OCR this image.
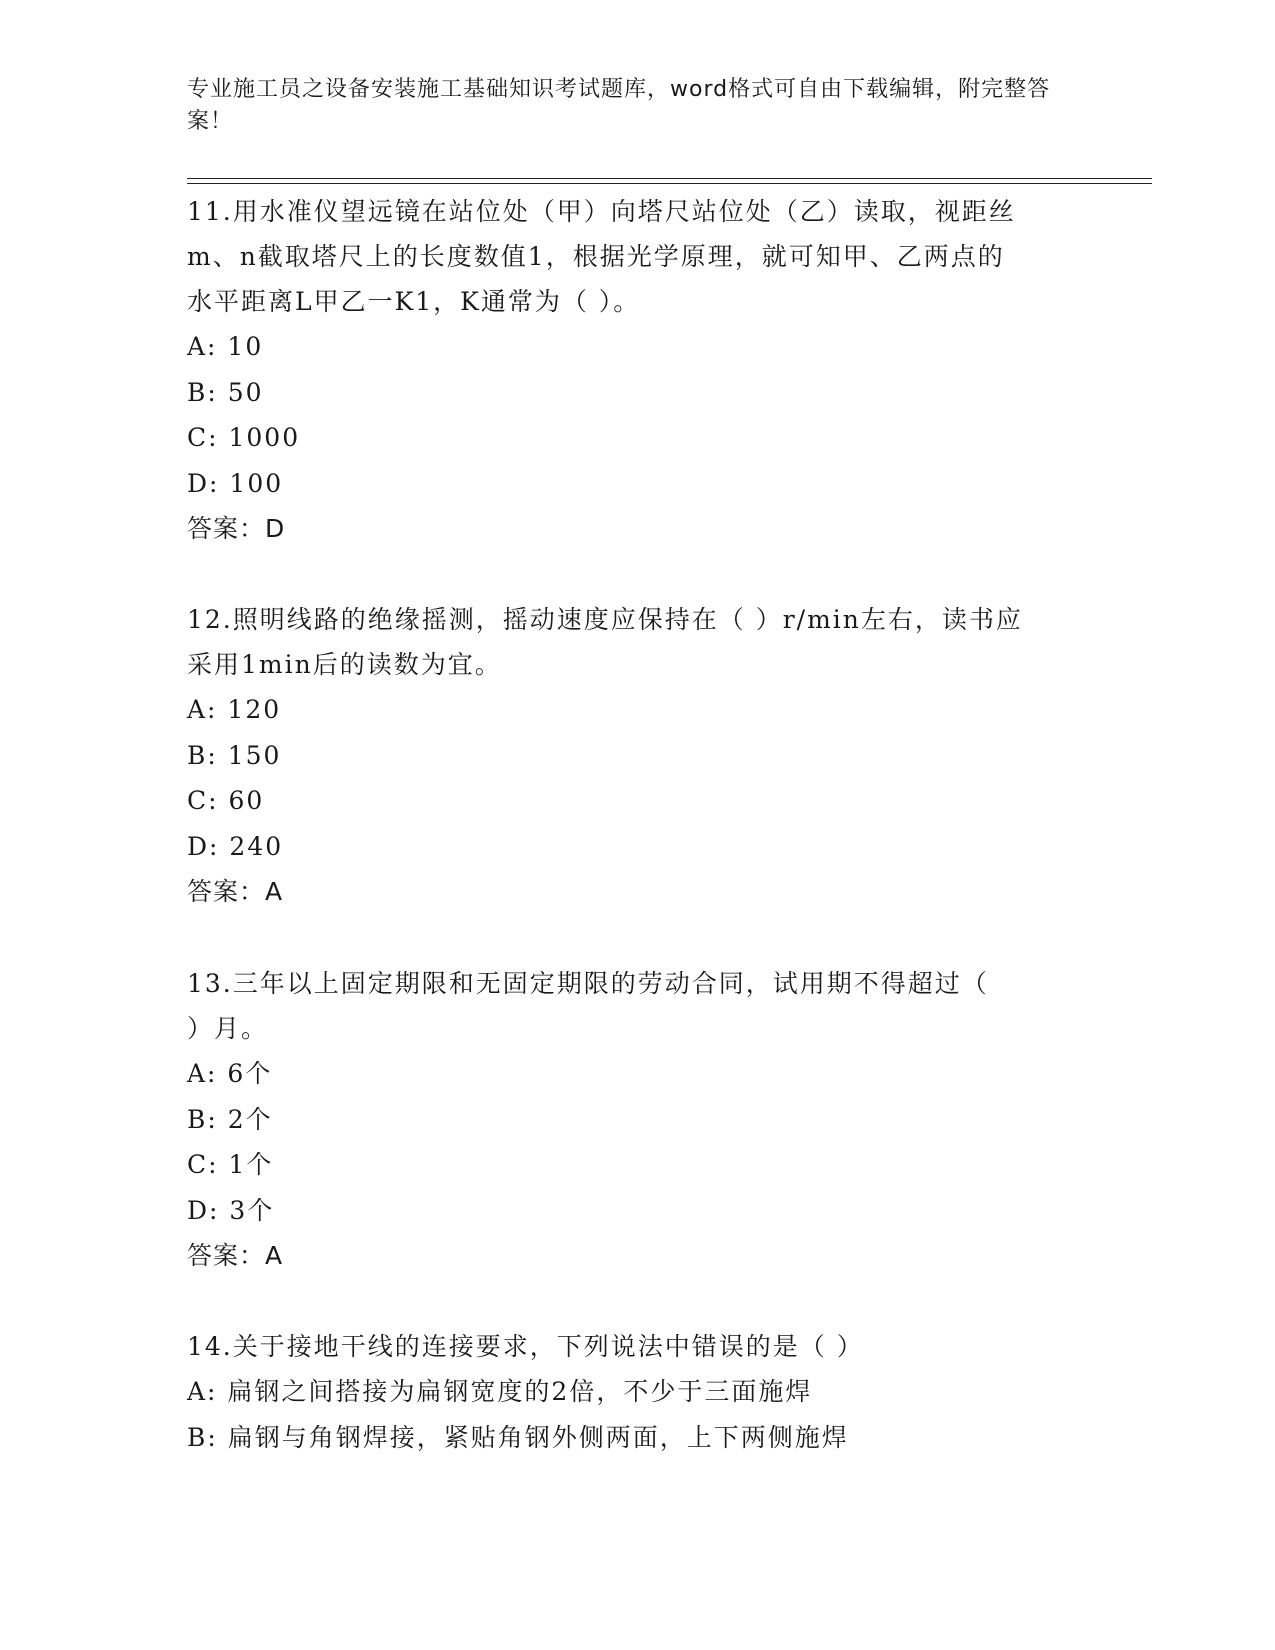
专业施工员之设备安装施工基础知识考试题库，word格式可自由下载编辑，附完整答案！

11.用水准仪望远镜在站位处（甲）向塔尺站位处（乙）读取，视距丝

m、n截取塔尺上的长度数值1，根据光学原理，就可知甲、乙两点的

水平距离L甲乙一K1，K通常为（ ）。

A: 10

B: 50

C: 1000

D: 100

答案：D

12.照明线路的绝缘摇测，摇动速度应保持在（ ）r/min左右，读书应

采用1min后的读数为宜。

A: 120

B: 150

C: 60

D: 240

答案：A

13.三年以上固定期限和无固定期限的劳动合同，试用期不得超过（

）月。

A: 6个

B: 2个

C: 1个

D: 3个

答案：A

14.关于接地干线的连接要求，下列说法中错误的是（ ）

A: 扁钢之间搭接为扁钢宽度的2倍，不少于三面施焊

B: 扁钢与角钢焊接，紧贴角钢外侧两面，上下两侧施焊
